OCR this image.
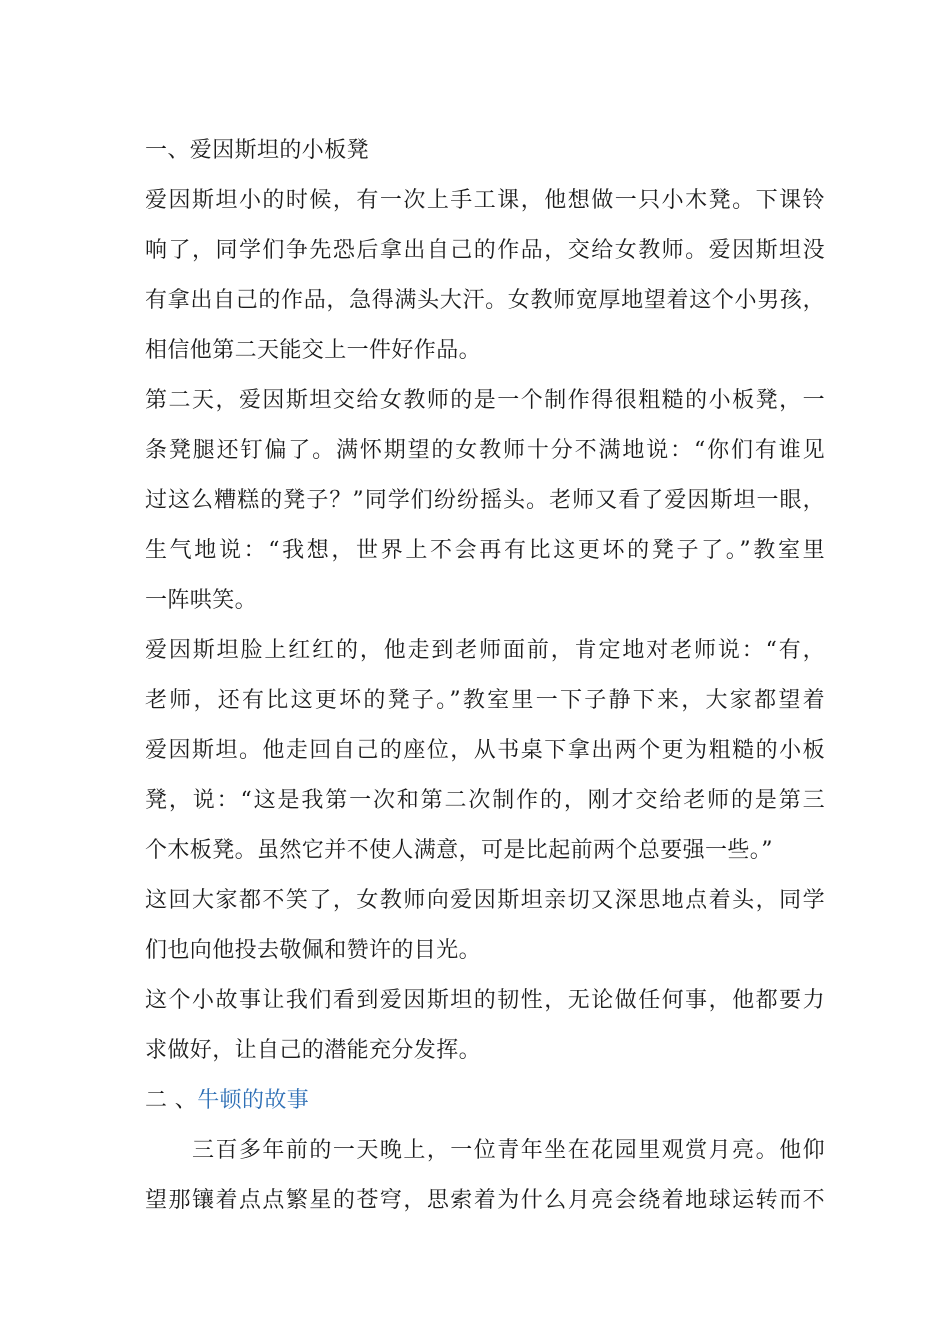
一、爱因斯坦的小板凳
爱因斯坦小的时候，有一次上手工课，他想做一只小木凳。下课铃
响了，同学们争先恐后拿出自己的作品，交给女教师。爱因斯坦没
有拿出自己的作品，急得满头大汗。女教师宽厚地望着这个小男孩，
相信他第二天能交上一件好作品。
第二天，爱因斯坦交给女教师的是一个制作得很粗糙的小板凳，一
条凳腿还钉偏了。满怀期望的女教师十分不满地说：“你们有谁见
过这么糟糕的凳子？”同学们纷纷摇头。老师又看了爱因斯坦一眼，
生气地说：“我想，世界上不会再有比这更坏的凳子了。”教室里
一阵哄笑。
爱因斯坦脸上红红的，他走到老师面前，肯定地对老师说：“有，
老师，还有比这更坏的凳子。”教室里一下子静下来，大家都望着
爱因斯坦。他走回自己的座位，从书桌下拿出两个更为粗糙的小板
凳，说：“这是我第一次和第二次制作的，刚才交给老师的是第三
个木板凳。虽然它并不使人满意，可是比起前两个总要强一些。”
这回大家都不笑了，女教师向爱因斯坦亲切又深思地点着头，同学
们也向他投去敬佩和赞许的目光。
这个小故事让我们看到爱因斯坦的韧性，无论做任何事，他都要力
求做好，让自己的潜能充分发挥。
二 、牛顿的故事
　　三百多年前的一天晚上，一位青年坐在花园里观赏月亮。他仰
望那镶着点点繁星的苍穹，思索着为什么月亮会绕着地球运转而不
